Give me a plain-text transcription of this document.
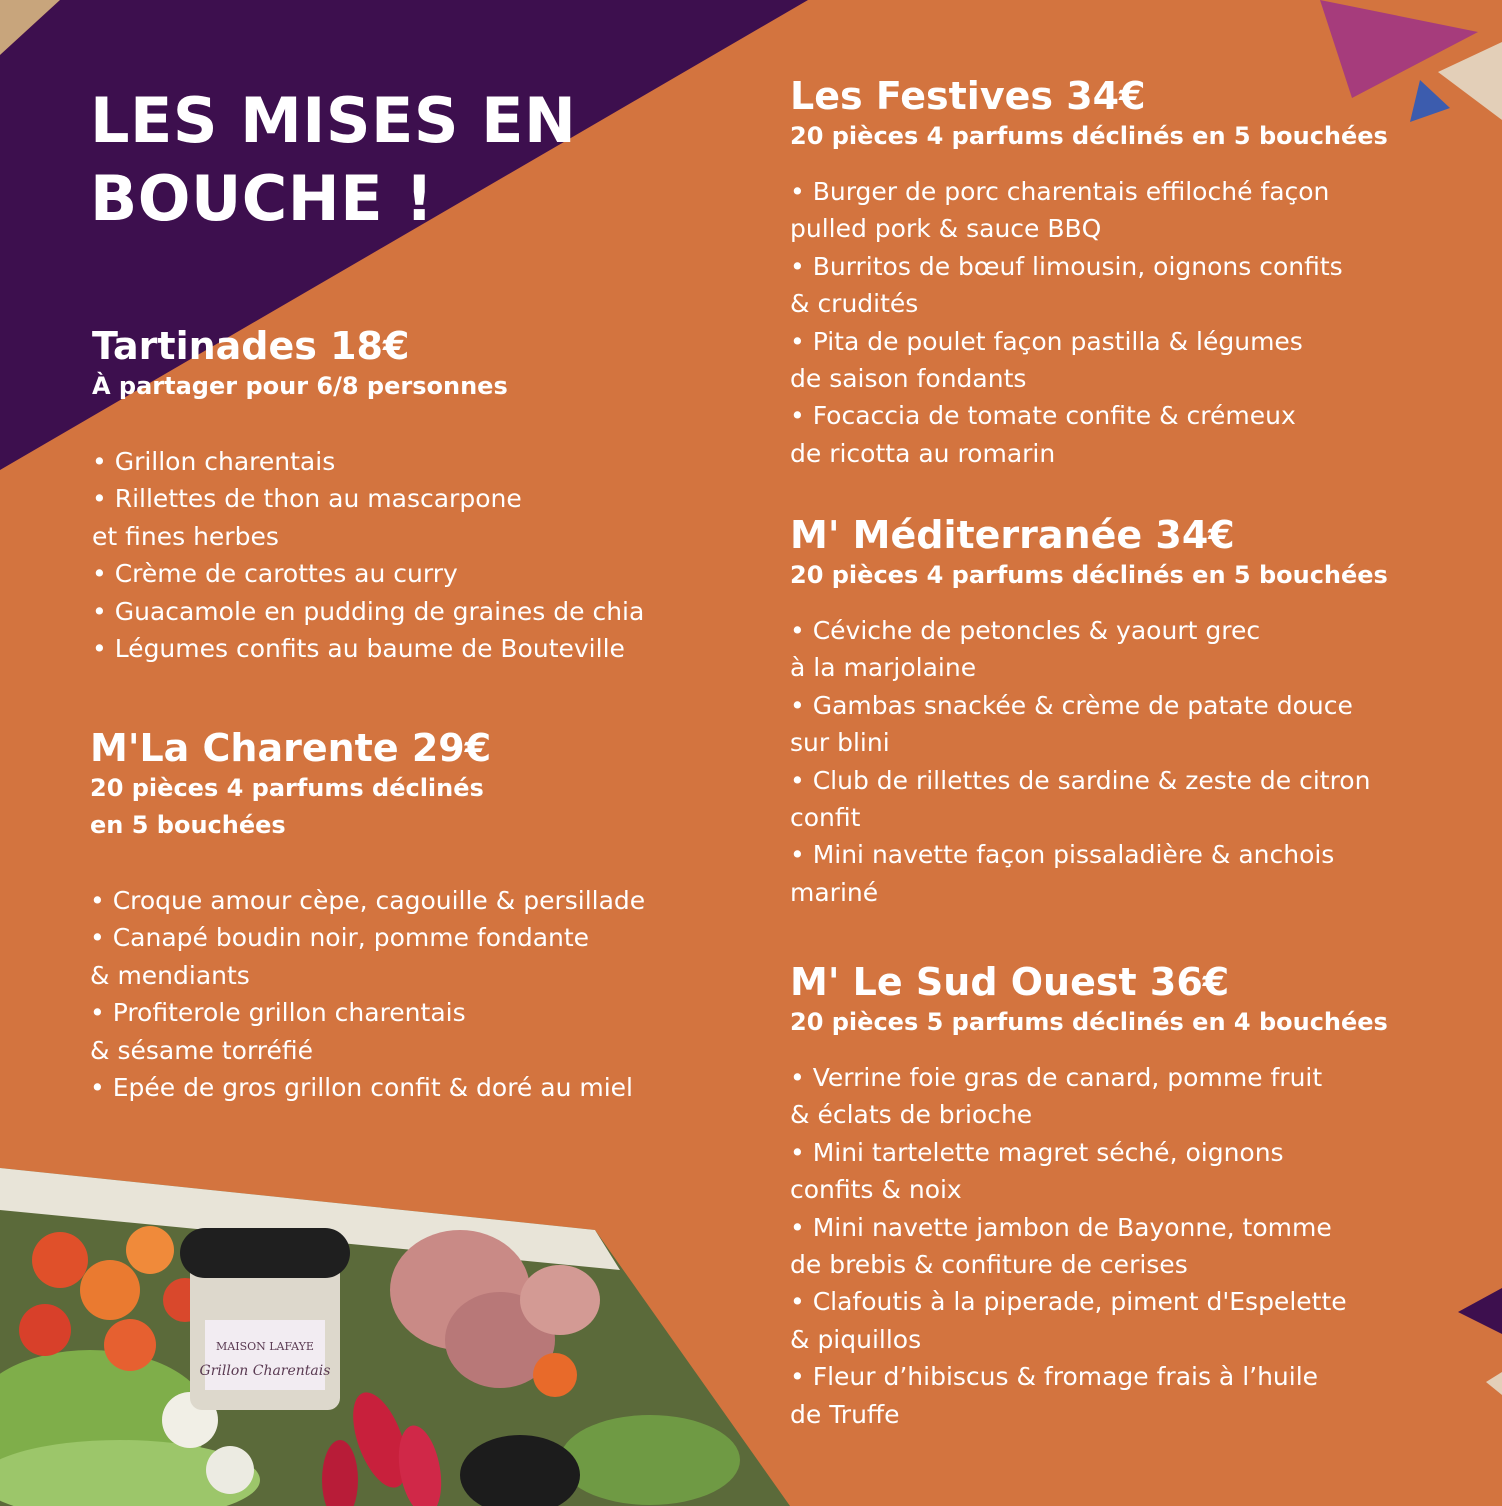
MAISON LAFAYE
Grillon Charentais
LES MISES EN
BOUCHE !
Tartinades 18€
À partager pour 6/8 personnes
• Grillon charentais
• Rillettes de thon au mascarpone
et fines herbes
• Crème de carottes au curry
• Guacamole en pudding de graines de chia
• Légumes confits au baume de Bouteville
M'La Charente 29€
20 pièces 4 parfums déclinés
en 5 bouchées
• Croque amour cèpe, cagouille & persillade
• Canapé boudin noir, pomme fondante
& mendiants
• Profiterole grillon charentais
& sésame torréfié
• Epée de gros grillon confit & doré au miel
Les Festives 34€
20 pièces 4 parfums déclinés en 5 bouchées
• Burger de porc charentais effiloché façon
pulled pork & sauce BBQ
• Burritos de bœuf limousin, oignons confits
& crudités
• Pita de poulet façon pastilla & légumes
de saison fondants
• Focaccia de tomate confite & crémeux
de ricotta au romarin
M' Méditerranée 34€
20 pièces 4 parfums déclinés en 5 bouchées
• Céviche de petoncles & yaourt grec
à la marjolaine
• Gambas snackée & crème de patate douce
sur blini
• Club de rillettes de sardine & zeste de citron
confit
• Mini navette façon pissaladière & anchois
mariné
M' Le Sud Ouest 36€
20 pièces 5 parfums déclinés en 4 bouchées
• Verrine foie gras de canard, pomme fruit
& éclats de brioche
• Mini tartelette magret séché, oignons
confits & noix
• Mini navette jambon de Bayonne, tomme
de brebis & confiture de cerises
• Clafoutis à la piperade, piment d'Espelette
& piquillos
• Fleur d’hibiscus & fromage frais à l’huile
de Truffe
